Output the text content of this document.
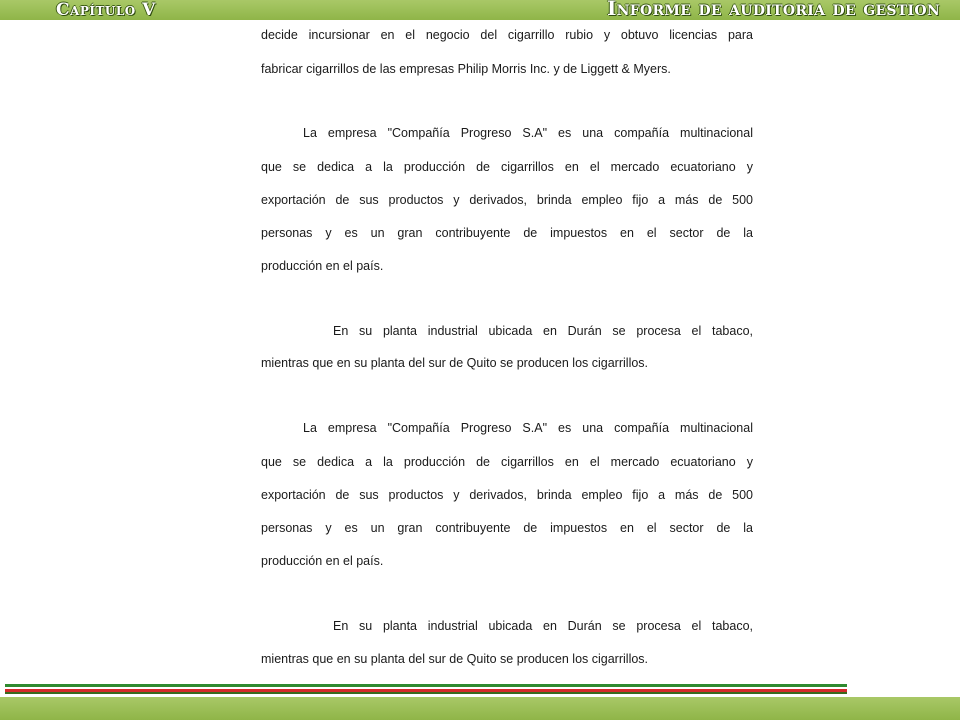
Capítulo V	Informe de auditoria de gestion
decide incursionar en el negocio del cigarrillo rubio y obtuvo licencias para
fabricar cigarrillos de las empresas Philip Morris Inc. y de Liggett & Myers.
La empresa "Compañía Progreso S.A" es una compañía multinacional
que se dedica a la producción de cigarrillos en el mercado ecuatoriano y
exportación de sus productos y derivados, brinda empleo fijo a más de 500
personas y es un gran contribuyente de impuestos en el sector de la
producción en el país.
En su planta industrial ubicada en Durán se procesa el tabaco,
mientras que en su planta del sur de Quito se producen los cigarrillos.
La empresa "Compañía Progreso S.A" es una compañía multinacional
que se dedica a la producción de cigarrillos en el mercado ecuatoriano y
exportación de sus productos y derivados, brinda empleo fijo a más de 500
personas y es un gran contribuyente de impuestos en el sector de la
producción en el país.
En su planta industrial ubicada en Durán se procesa el tabaco,
mientras que en su planta del sur de Quito se producen los cigarrillos.
